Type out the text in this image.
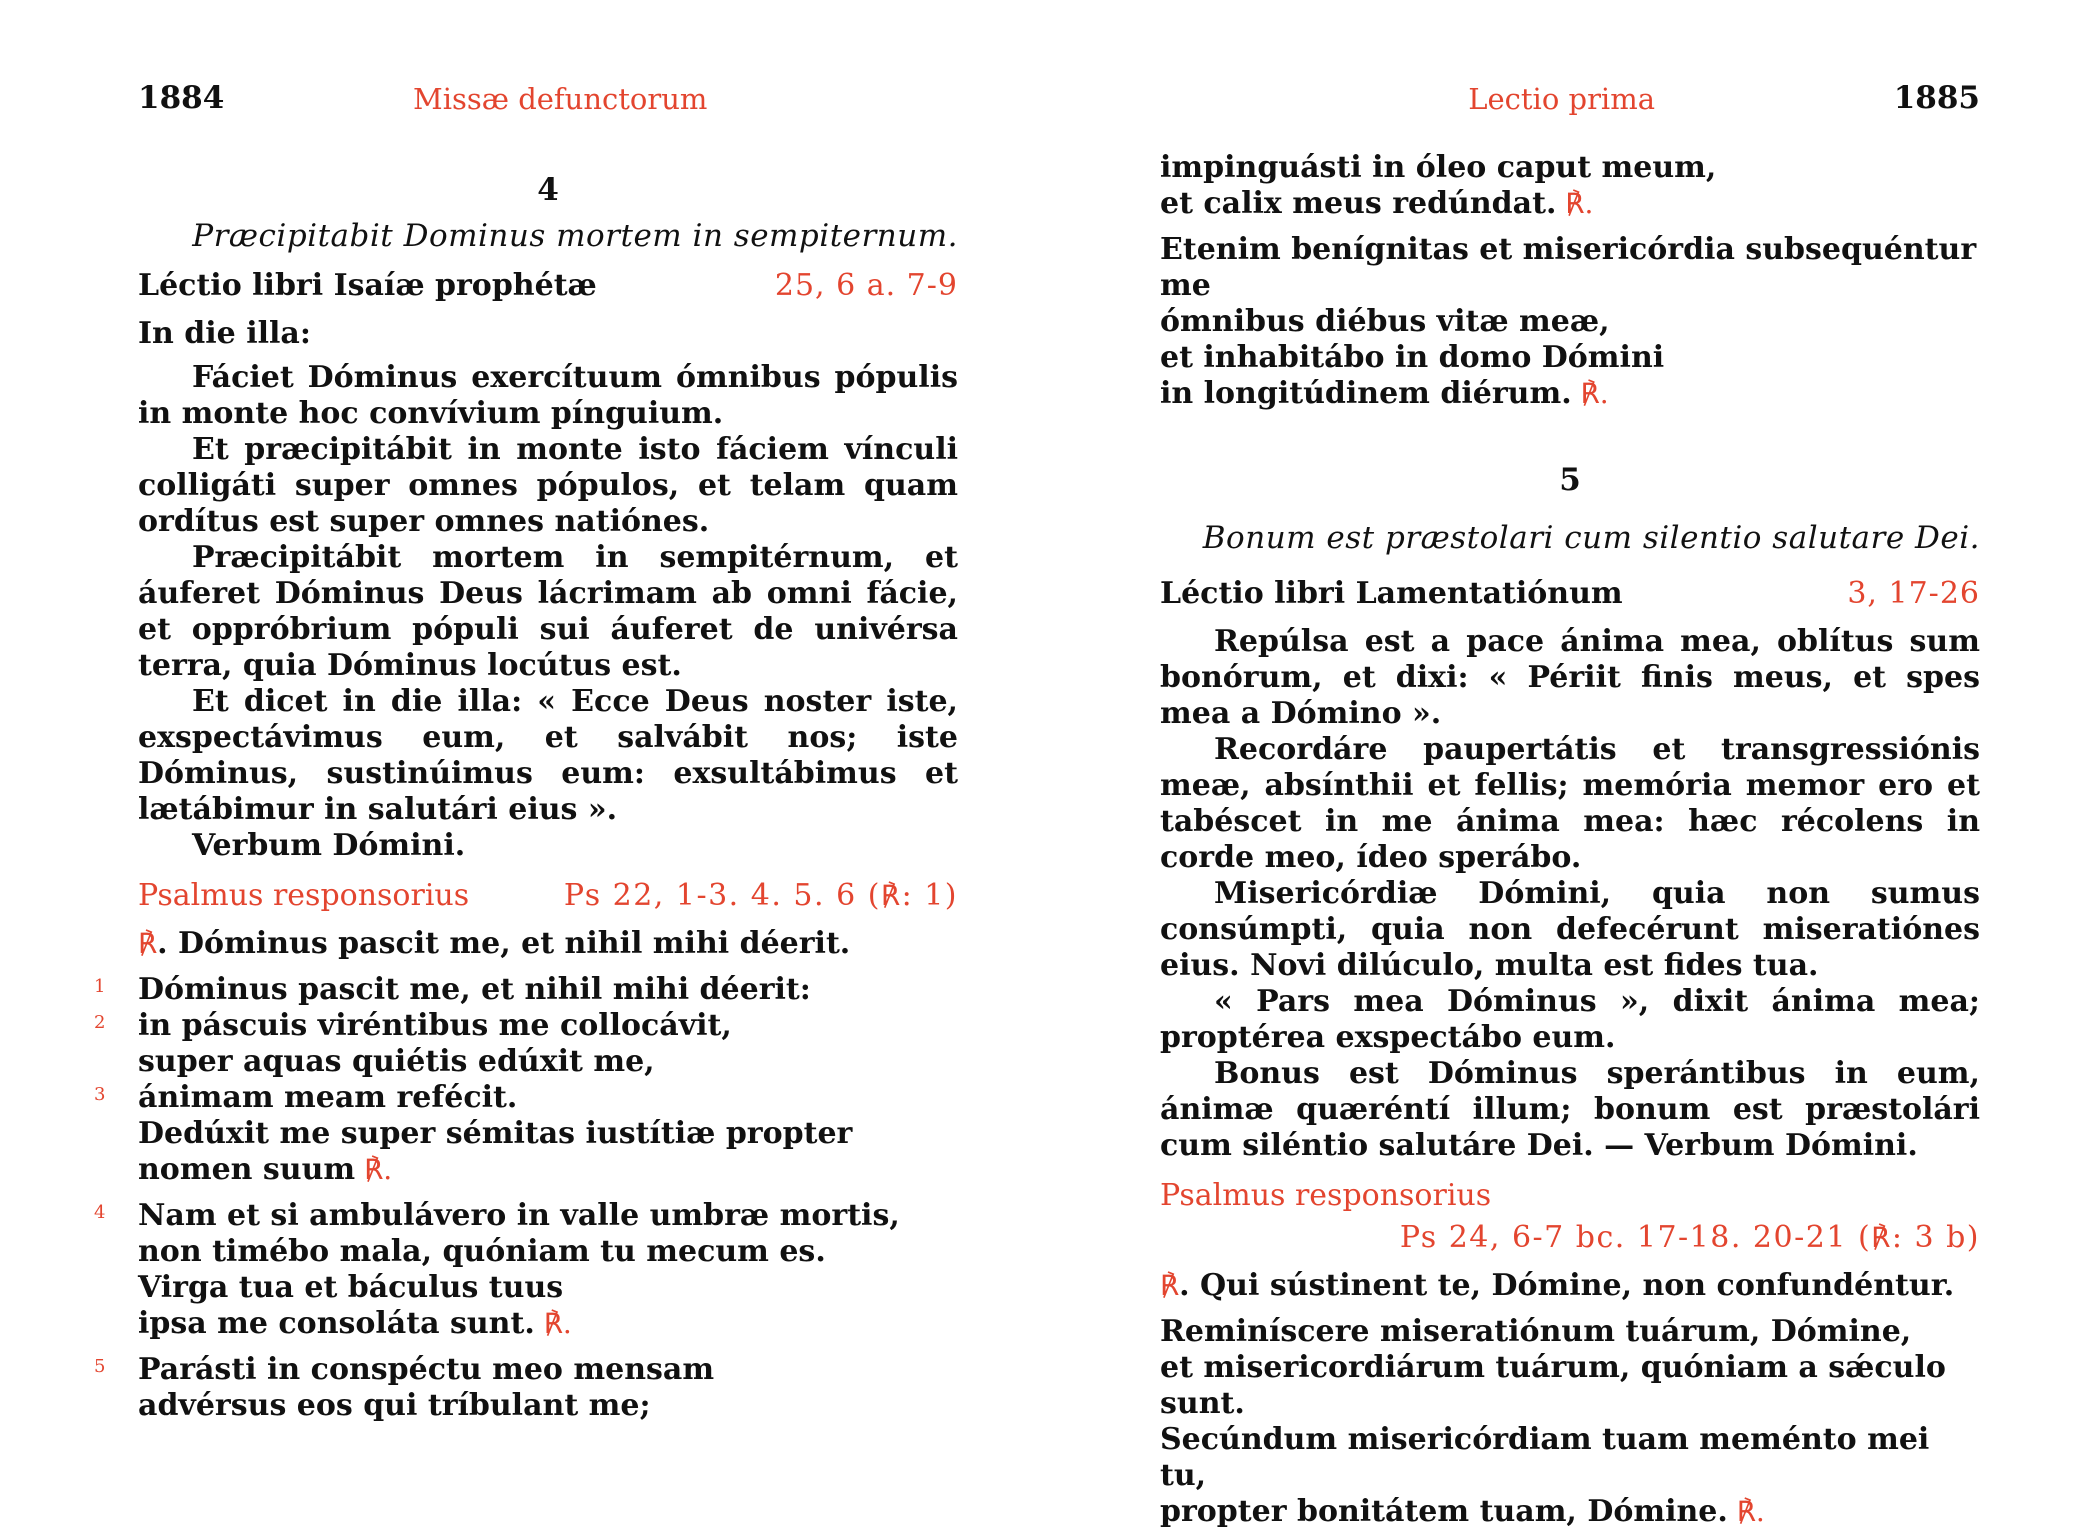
1884	Missæ defunctorum
4
Præcipitabit Dominus mortem in sempiternum.
Léctio libri Isaíæ prophétæ	25, 6 a. 7-9

In die illa:

Fáciet Dóminus exercítuum ómnibus pópulis in monte hoc convívium pínguium.

Et præcipitábit in monte isto fáciem vínculi colligáti super omnes pópulos, et telam quam ordítus est super omnes natiónes.

Præcipitábit mortem in sempitérnum, et áuferet Dóminus Deus lácrimam ab omni fácie, et oppróbrium pópuli sui áuferet de univérsa terra, quia Dóminus locútus est.

Et dicet in die illa: « Ecce Deus noster iste, exspectávimus eum, et salvábit nos; iste Dóminus, sustinúimus eum: exsultábimus et lætábimur in salutári eius ».

Verbum Dómini.

Psalmus responsorius	Ps 22, 1-3. 4. 5. 6 (℟: 1)

℟. Dóminus pascit me, et nihil mihi déerit.

1 Dóminus pascit me, et nihil mihi déerit:

2 in páscuis viréntibus me collocávit,

super aquas quiétis edúxit me,

3 ánimam meam refécit.

Dedúxit me super sémitas iustítiæ propter nomen suum ℟.

4 Nam et si ambulávero in valle umbræ mortis,

non timébo mala, quóniam tu mecum es.

Virga tua et báculus tuus

ipsa me consoláta sunt. ℟.

5 Parásti in conspéctu meo mensam

advérsus eos qui tríbulant me;

Lectio prima	1885

impinguásti in óleo caput meum,

et calix meus redúndat. ℟.

Etenim benígnitas et misericórdia subsequéntur me

ómnibus diébus vitæ meæ,

et inhabitábo in domo Dómini

in longitúdinem diérum. ℟.

5
Bonum est præstolari cum silentio salutare Dei.
Léctio libri Lamentatiónum	3, 17-26

Repúlsa est a pace ánima mea, oblítus sum bonórum, et dixi: « Périit finis meus, et spes mea a Dómino ».

Recordáre paupertátis et transgressiónis meæ, absínthii et fellis; memória memor ero et tabéscet in me ánima mea: hæc récolens in corde meo, ídeo sperábo.

Misericórdiæ Dómini, quia non sumus consúmpti, quia non defecérunt miseratiónes eius. Novi dilúculo, multa est fides tua.

« Pars mea Dóminus », dixit ánima mea; proptérea exspectábo eum.

Bonus est Dóminus sperántibus in eum, ánimæ quæréntí illum; bonum est præstolári cum siléntio salutáre Dei. — Verbum Dómini.

Psalmus responsorius
Ps 24, 6-7 bc. 17-18. 20-21 (℟: 3 b)

℟. Qui sústinent te, Dómine, non confundéntur.

Reminíscere miseratiónum tuárum, Dómine,

et misericordiárum tuárum, quóniam a sǽculo sunt.

Secúndum misericórdiam tuam meménto mei tu,

propter bonitátem tuam, Dómine. ℟.
